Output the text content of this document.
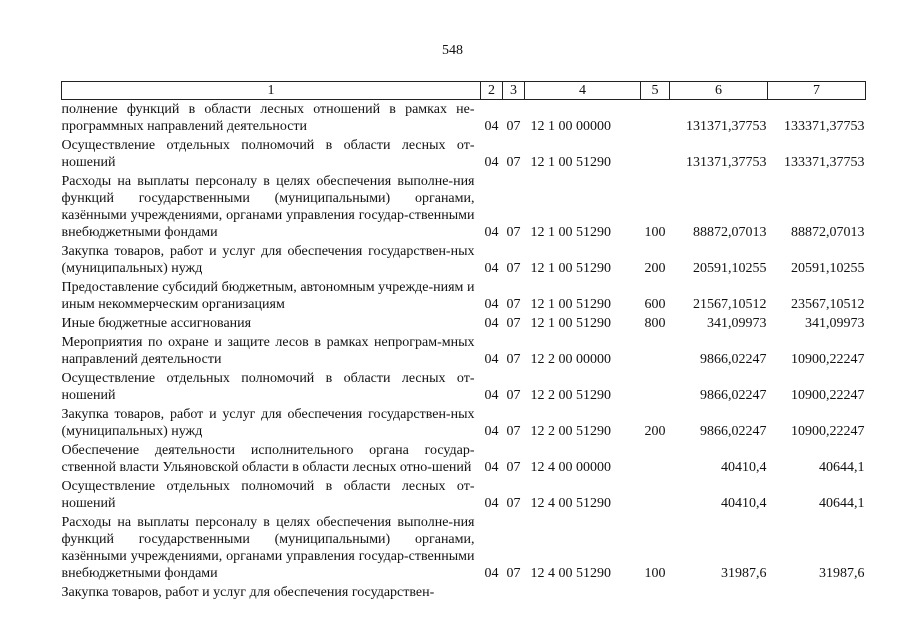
548
1	2	3	4	5	6	7
полнение функций в области лесных отношений в рамках не-программных направлений деятельности	04	07	12 1 00 00000		131371,37753	133371,37753
Осуществление отдельных полномочий в области лесных от-ношений	04	07	12 1 00 51290		131371,37753	133371,37753
Расходы на выплаты персоналу в целях обеспечения выполне-ния функций государственными (муниципальными) органами, казёнными учреждениями, органами управления государ-ственными внебюджетными фондами	04	07	12 1 00 51290	100	88872,07013	88872,07013
Закупка товаров, работ и услуг для обеспечения государствен-ных (муниципальных) нужд	04	07	12 1 00 51290	200	20591,10255	20591,10255
Предоставление субсидий бюджетным, автономным учрежде-ниям и иным некоммерческим организациям	04	07	12 1 00 51290	600	21567,10512	23567,10512
Иные бюджетные ассигнования	04	07	12 1 00 51290	800	341,09973	341,09973
Мероприятия по охране и защите лесов в рамках непрограм-мных направлений деятельности	04	07	12 2 00 00000		9866,02247	10900,22247
Осуществление отдельных полномочий в области лесных от-ношений	04	07	12 2 00 51290		9866,02247	10900,22247
Закупка товаров, работ и услуг для обеспечения государствен-ных (муниципальных) нужд	04	07	12 2 00 51290	200	9866,02247	10900,22247
Обеспечение деятельности исполнительного органа государ-ственной власти Ульяновской области в области лесных отно-шений	04	07	12 4 00 00000		40410,4	40644,1
Осуществление отдельных полномочий в области лесных от-ношений	04	07	12 4 00 51290		40410,4	40644,1
Расходы на выплаты персоналу в целях обеспечения выполне-ния функций государственными (муниципальными) органами, казёнными учреждениями, органами управления государ-ственными внебюджетными фондами	04	07	12 4 00 51290	100	31987,6	31987,6
Закупка товаров, работ и услуг для обеспечения государствен-						
